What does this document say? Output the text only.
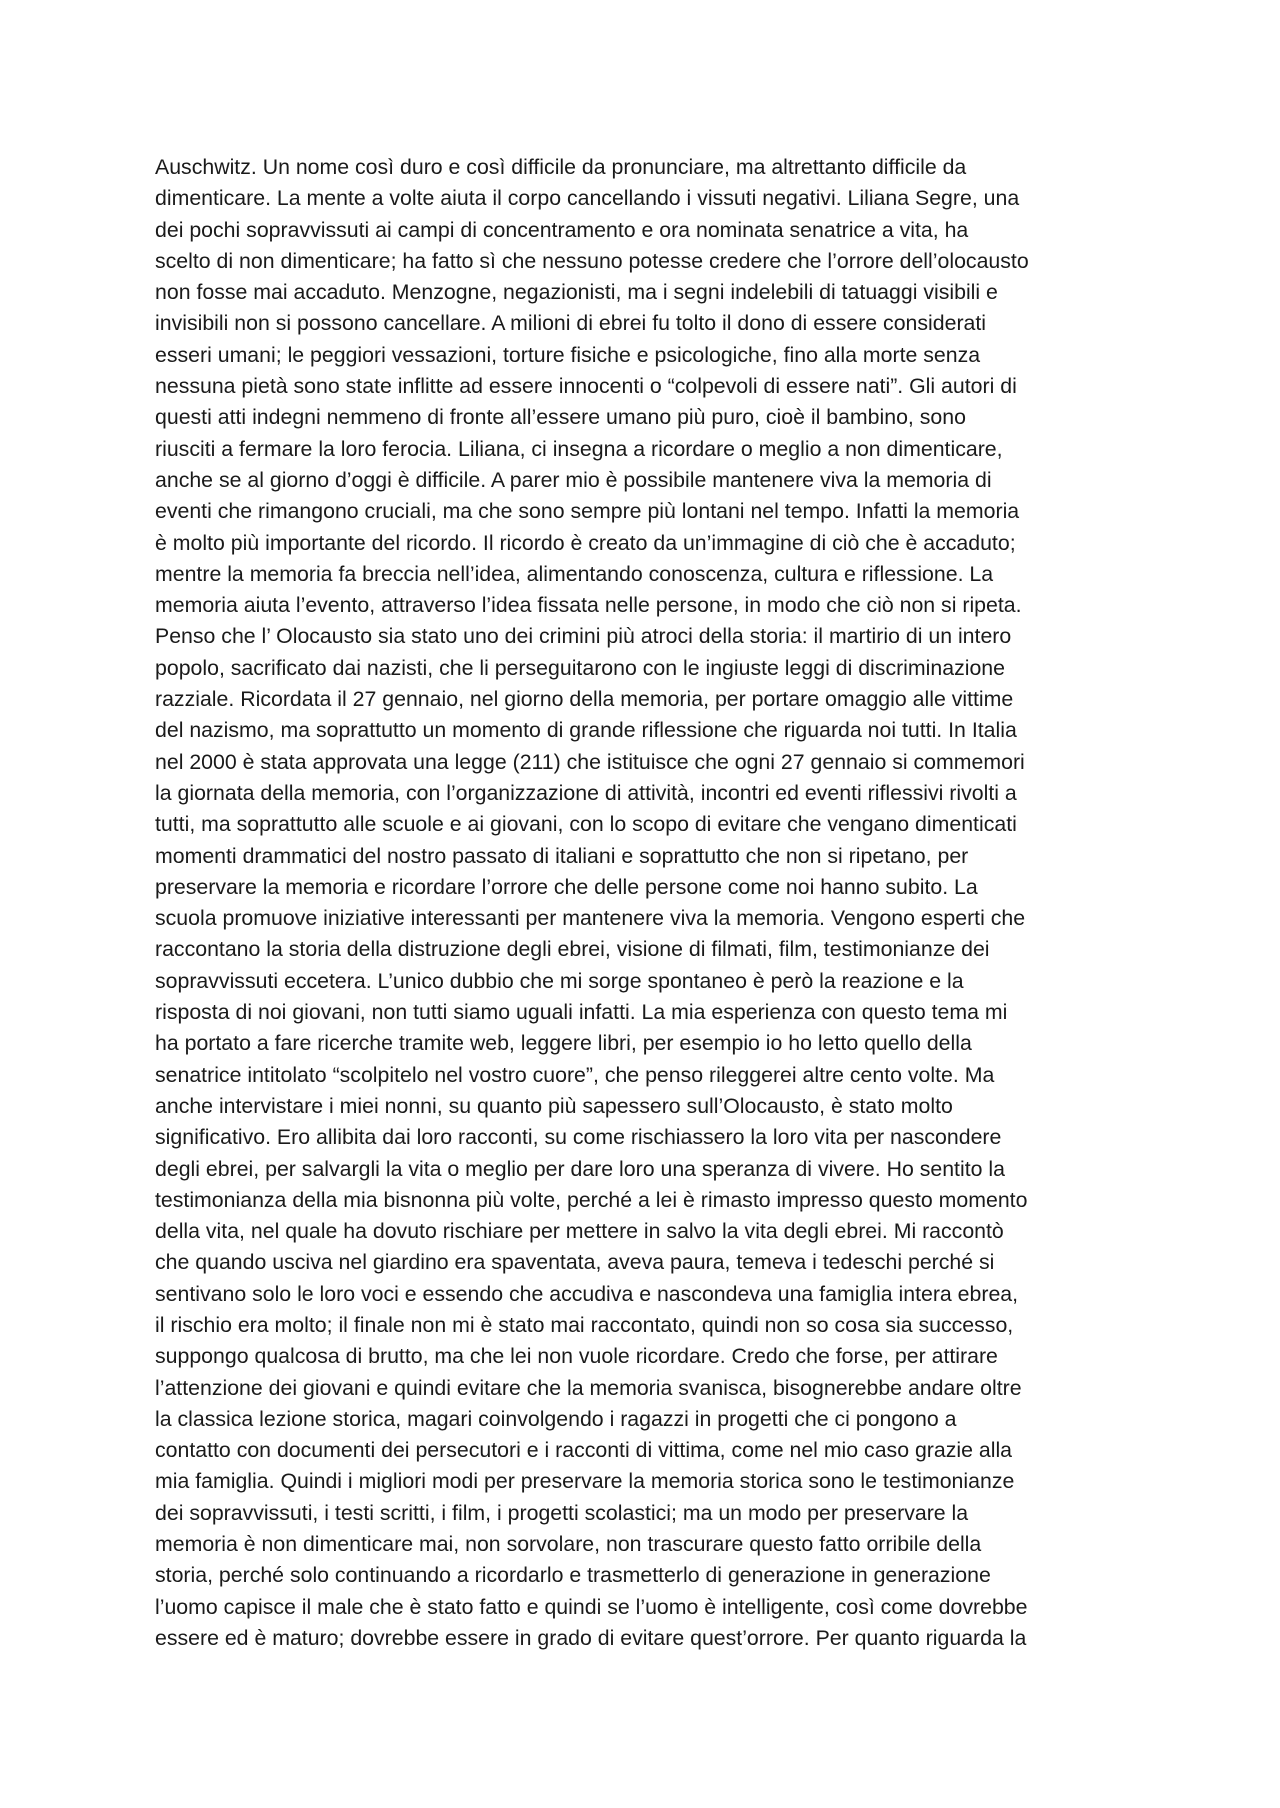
Auschwitz. Un nome così duro e così difficile da pronunciare, ma altrettanto difficile da
dimenticare. La mente a volte aiuta il corpo cancellando i vissuti negativi. Liliana Segre, una
dei pochi sopravvissuti ai campi di concentramento e ora nominata senatrice a vita, ha
scelto di non dimenticare; ha fatto sì che nessuno potesse credere che l’orrore dell’olocausto
non fosse mai accaduto. Menzogne, negazionisti, ma i segni indelebili di tatuaggi visibili e
invisibili non si possono cancellare. A milioni di ebrei fu tolto il dono di essere considerati
esseri umani; le peggiori vessazioni, torture fisiche e psicologiche, fino alla morte senza
nessuna pietà sono state inflitte ad essere innocenti o “colpevoli di essere nati”. Gli autori di
questi atti indegni nemmeno di fronte all’essere umano più puro, cioè il bambino, sono
riusciti a fermare la loro ferocia. Liliana, ci insegna a ricordare o meglio a non dimenticare,
anche se al giorno d’oggi è difficile. A parer mio è possibile mantenere viva la memoria di
eventi che rimangono cruciali, ma che sono sempre più lontani nel tempo. Infatti la memoria
è molto più importante del ricordo. Il ricordo è creato da un’immagine di ciò che è accaduto;
mentre la memoria fa breccia nell’idea, alimentando conoscenza, cultura e riflessione. La
memoria aiuta l’evento, attraverso l’idea fissata nelle persone, in modo che ciò non si ripeta.
Penso che l’ Olocausto sia stato uno dei crimini più atroci della storia: il martirio di un intero
popolo, sacrificato dai nazisti, che li perseguitarono con le ingiuste leggi di discriminazione
razziale. Ricordata il 27 gennaio, nel giorno della memoria, per portare omaggio alle vittime
del nazismo, ma soprattutto un momento di grande riflessione che riguarda noi tutti. In Italia
nel 2000 è stata approvata una legge (211) che istituisce che ogni 27 gennaio si commemori
la giornata della memoria, con l’organizzazione di attività, incontri ed eventi riflessivi rivolti a
tutti, ma soprattutto alle scuole e ai giovani, con lo scopo di evitare che vengano dimenticati
momenti drammatici del nostro passato di italiani e soprattutto che non si ripetano, per
preservare la memoria e ricordare l’orrore che delle persone come noi hanno subito. La
scuola promuove iniziative interessanti per mantenere viva la memoria. Vengono esperti che
raccontano la storia della distruzione degli ebrei, visione di filmati, film, testimonianze dei
sopravvissuti eccetera. L’unico dubbio che mi sorge spontaneo è però la reazione e la
risposta di noi giovani, non tutti siamo uguali infatti. La mia esperienza con questo tema mi
ha portato a fare ricerche tramite web, leggere libri, per esempio io ho letto quello della
senatrice intitolato “scolpitelo nel vostro cuore”, che penso rileggerei altre cento volte. Ma
anche intervistare i miei nonni, su quanto più sapessero sull’Olocausto, è stato molto
significativo. Ero allibita dai loro racconti, su come rischiassero la loro vita per nascondere
degli ebrei, per salvargli la vita o meglio per dare loro una speranza di vivere. Ho sentito la
testimonianza della mia bisnonna più volte, perché a lei è rimasto impresso questo momento
della vita, nel quale ha dovuto rischiare per mettere in salvo la vita degli ebrei. Mi raccontò
che quando usciva nel giardino era spaventata, aveva paura, temeva i tedeschi perché si
sentivano solo le loro voci e essendo che accudiva e nascondeva una famiglia intera ebrea,
il rischio era molto; il finale non mi è stato mai raccontato, quindi non so cosa sia successo,
suppongo qualcosa di brutto, ma che lei non vuole ricordare. Credo che forse, per attirare
l’attenzione dei giovani e quindi evitare che la memoria svanisca, bisognerebbe andare oltre
la classica lezione storica, magari coinvolgendo i ragazzi in progetti che ci pongono a
contatto con documenti dei persecutori e i racconti di vittima, come nel mio caso grazie alla
mia famiglia. Quindi i migliori modi per preservare la memoria storica sono le testimonianze
dei sopravvissuti, i testi scritti, i film, i progetti scolastici; ma un modo per preservare la
memoria è non dimenticare mai, non sorvolare, non trascurare questo fatto orribile della
storia, perché solo continuando a ricordarlo e trasmetterlo di generazione in generazione
l’uomo capisce il male che è stato fatto e quindi se l’uomo è intelligente, così come dovrebbe
essere ed è maturo; dovrebbe essere in grado di evitare quest’orrore. Per quanto riguarda la
